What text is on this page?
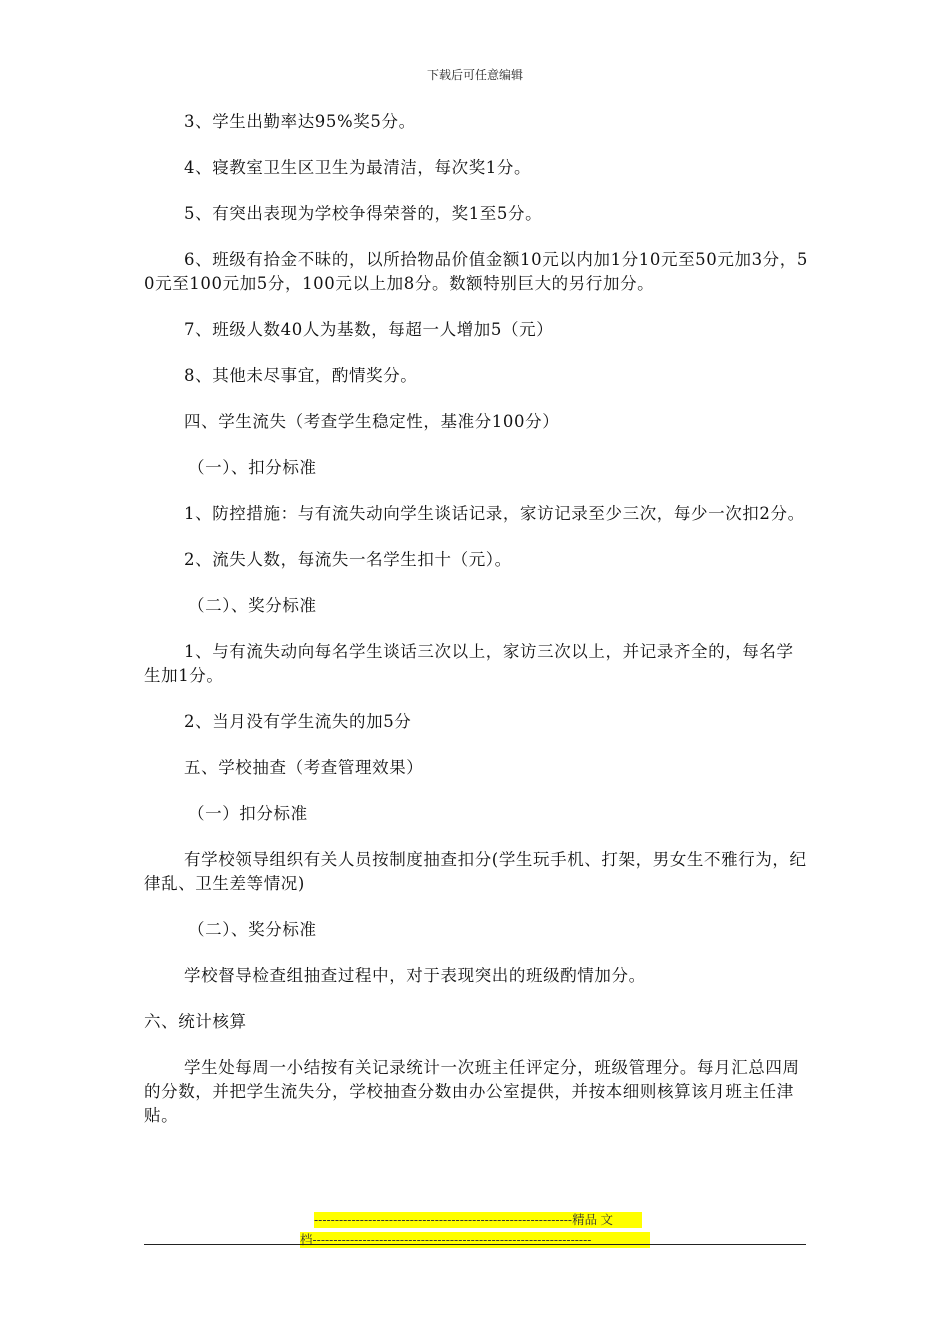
下载后可任意编辑

3、学生出勤率达95%奖5分。

4、寝教室卫生区卫生为最清洁，每次奖1分。

5、有突出表现为学校争得荣誉的，奖1至5分。

6、班级有拾金不昧的，以所拾物品价值金额10元以内加1分10元至50元加3分，50元至100元加5分，100元以上加8分。数额特别巨大的另行加分。

7、班级人数40人为基数，每超一人增加5（元）

8、其他未尽事宜，酌情奖分。

四、学生流失（考查学生稳定性，基准分100分）

（一）、扣分标准

1、防控措施：与有流失动向学生谈话记录，家访记录至少三次，每少一次扣2分。

2、流失人数，每流失一名学生扣十（元）。

（二）、奖分标准

1、与有流失动向每名学生谈话三次以上，家访三次以上，并记录齐全的，每名学生加1分。

2、当月没有学生流失的加5分

五、学校抽查（考查管理效果）

（一）扣分标准

有学校领导组织有关人员按制度抽查扣分(学生玩手机、打架，男女生不雅行为，纪律乱、卫生差等情况)

（二）、奖分标准

学校督导检查组抽查过程中，对于表现突出的班级酌情加分。

六、统计核算

学生处每周一小结按有关记录统计一次班主任评定分，班级管理分。每月汇总四周的分数，并把学生流失分，学校抽查分数由办公室提供，并按本细则核算该月班主任津贴。

--------------------------------------------------------------精品 文
档-------------------------------------------------------------------
